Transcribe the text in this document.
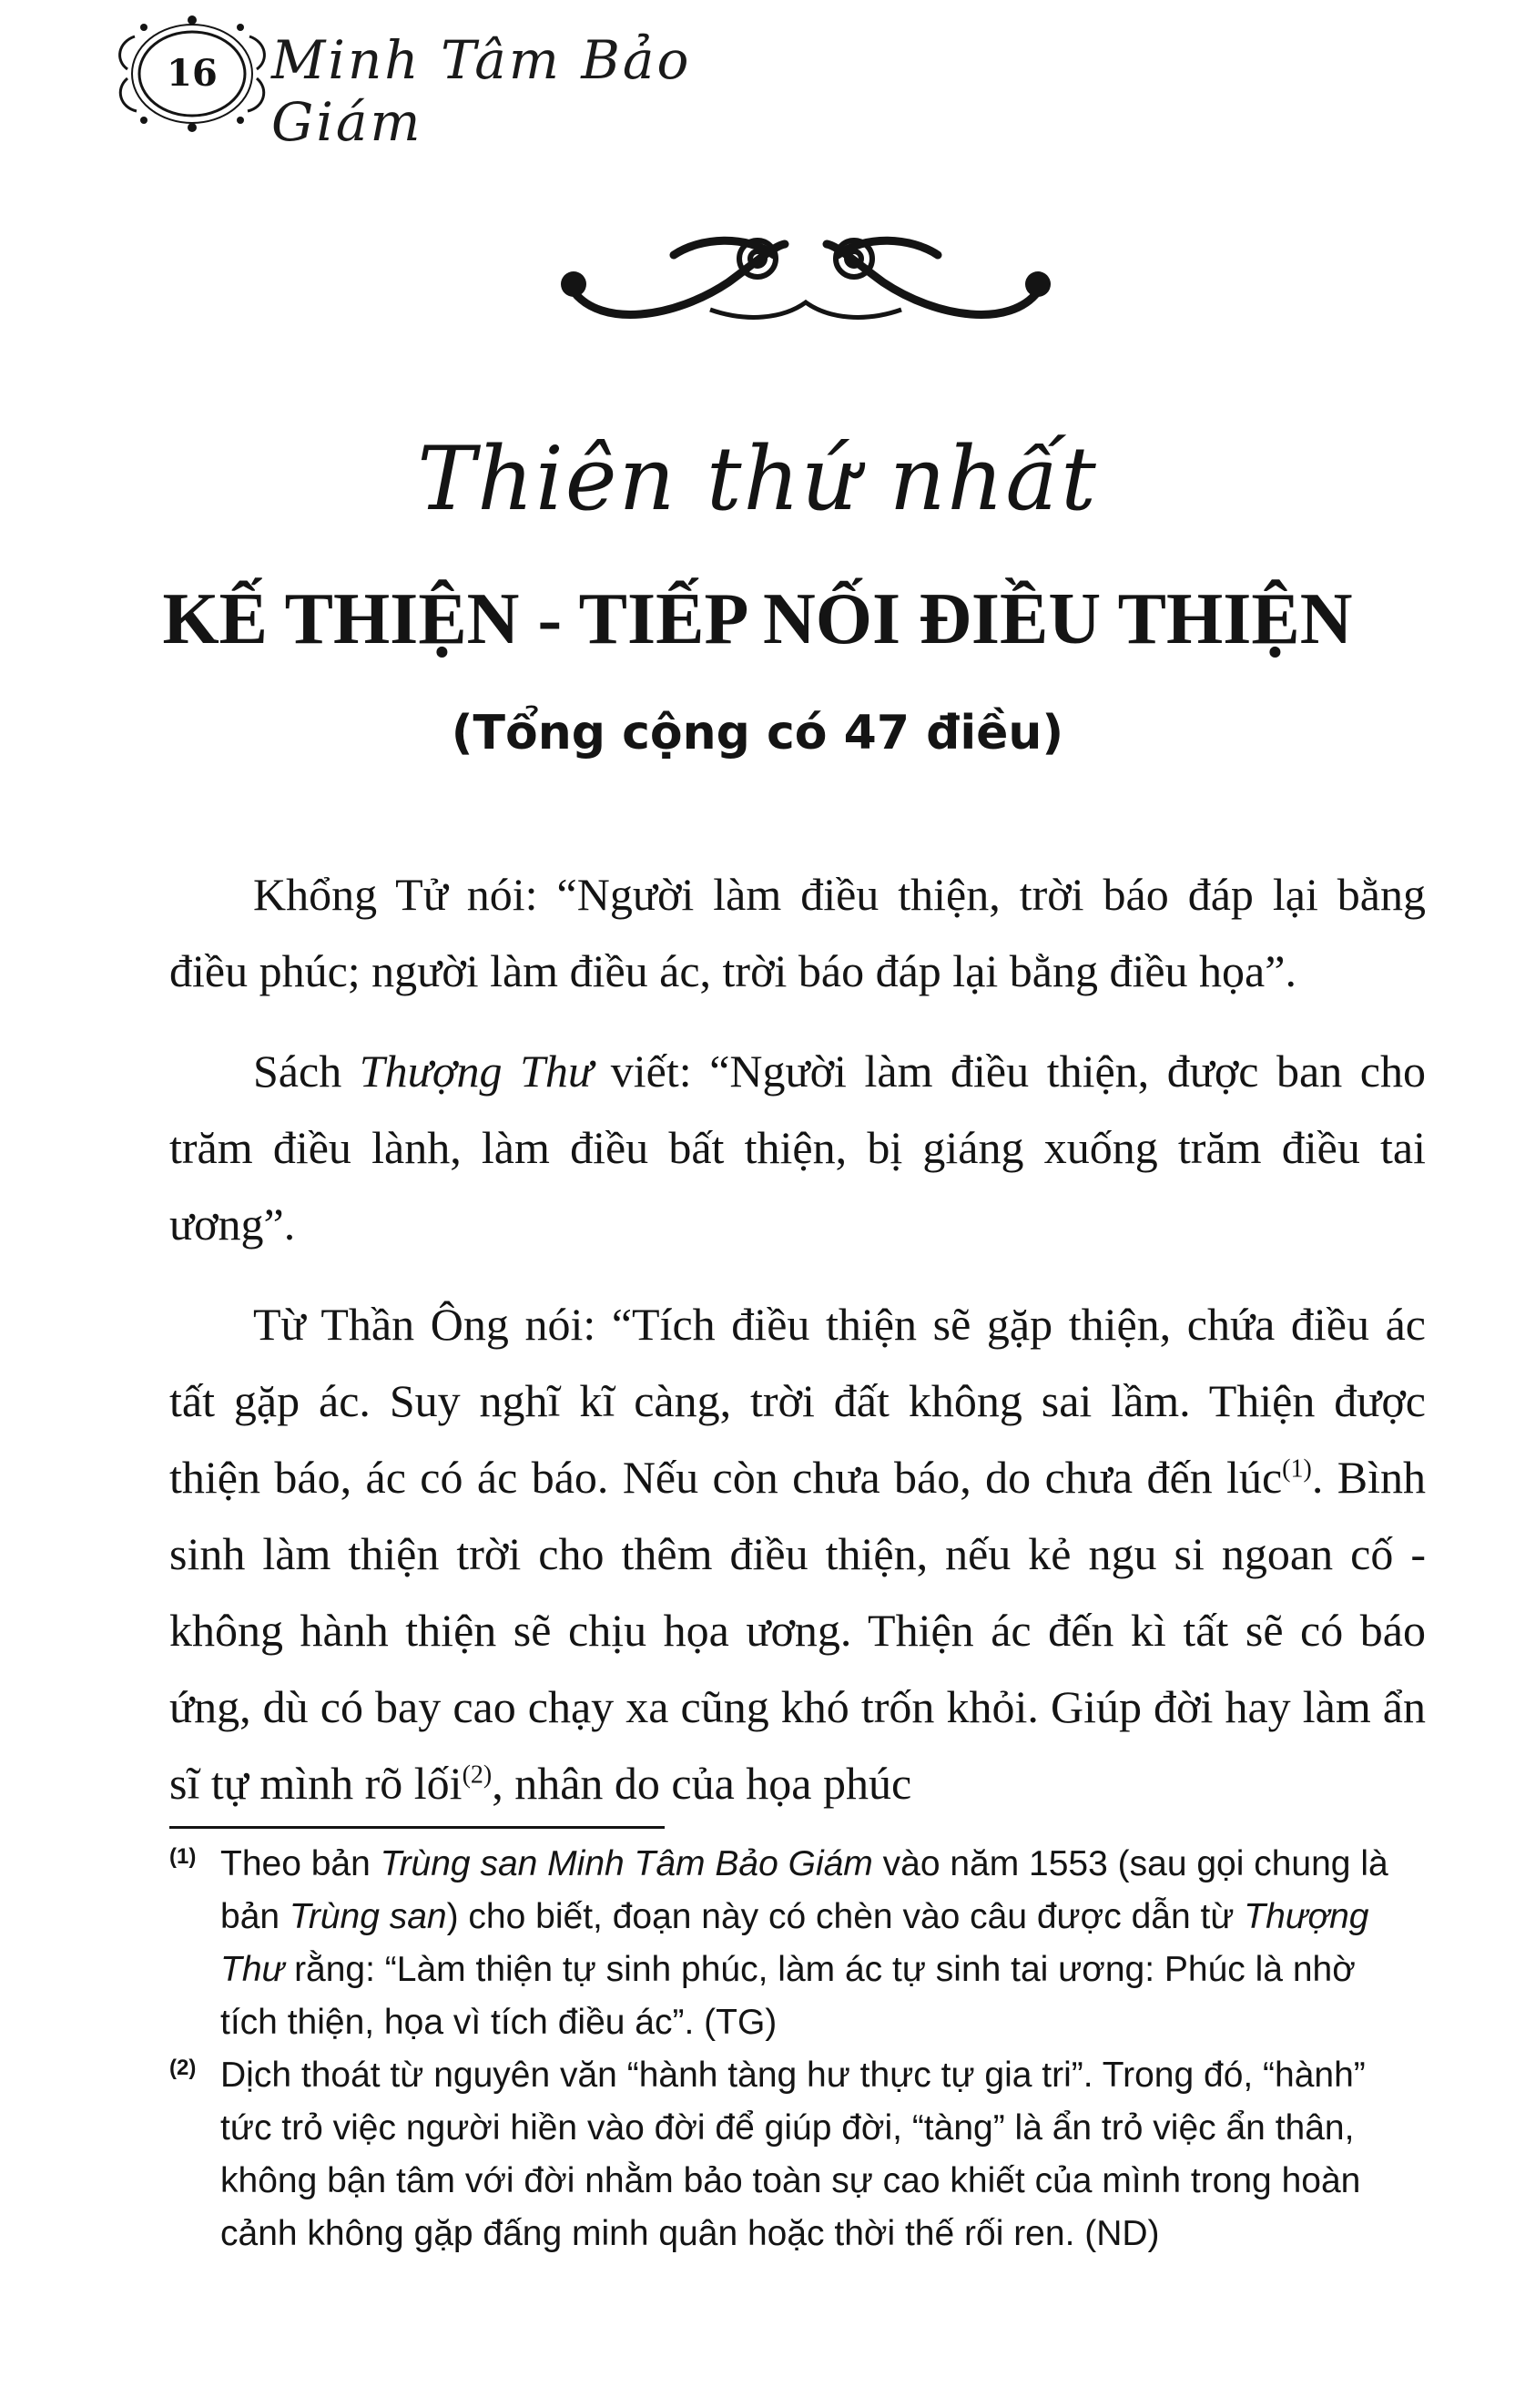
16	Minh Tâm Bảo Giám
Thiên thứ nhất
KẾ THIỆN - TIẾP NỐI ĐIỀU THIỆN
(Tổng cộng có 47 điều)

Khổng Tử nói: “Người làm điều thiện, trời báo đáp lại bằng điều phúc; người làm điều ác, trời báo đáp lại bằng điều họa”.

Sách Thượng Thư viết: “Người làm điều thiện, được ban cho trăm điều lành, làm điều bất thiện, bị giáng xuống trăm điều tai ương”.

Từ Thần Ông nói: “Tích điều thiện sẽ gặp thiện, chứa điều ác tất gặp ác. Suy nghĩ kĩ càng, trời đất không sai lầm. Thiện được thiện báo, ác có ác báo. Nếu còn chưa báo, do chưa đến lúc$^{(1)}$. Bình sinh làm thiện trời cho thêm điều thiện, nếu kẻ ngu si ngoan cố - không hành thiện sẽ chịu họa ương. Thiện ác đến kì tất sẽ có báo ứng, dù có bay cao chạy xa cũng khó trốn khỏi. Giúp đời hay làm ẩn sĩ tự mình rõ lối$^{(2)}$, nhân do của họa phúc

(1) Theo bản Trùng san Minh Tâm Bảo Giám vào năm 1553 (sau gọi chung là bản Trùng san) cho biết, đoạn này có chèn vào câu được dẫn từ Thượng Thư rằng: “Làm thiện tự sinh phúc, làm ác tự sinh tai ương: Phúc là nhờ tích thiện, họa vì tích điều ác”. (TG)

(2) Dịch thoát từ nguyên văn “hành tàng hư thực tự gia tri”. Trong đó, “hành” tức trỏ việc người hiền vào đời để giúp đời, “tàng” là ẩn trỏ việc ẩn thân, không bận tâm với đời nhằm bảo toàn sự cao khiết của mình trong hoàn cảnh không gặp đấng minh quân hoặc thời thế rối ren. (ND)
